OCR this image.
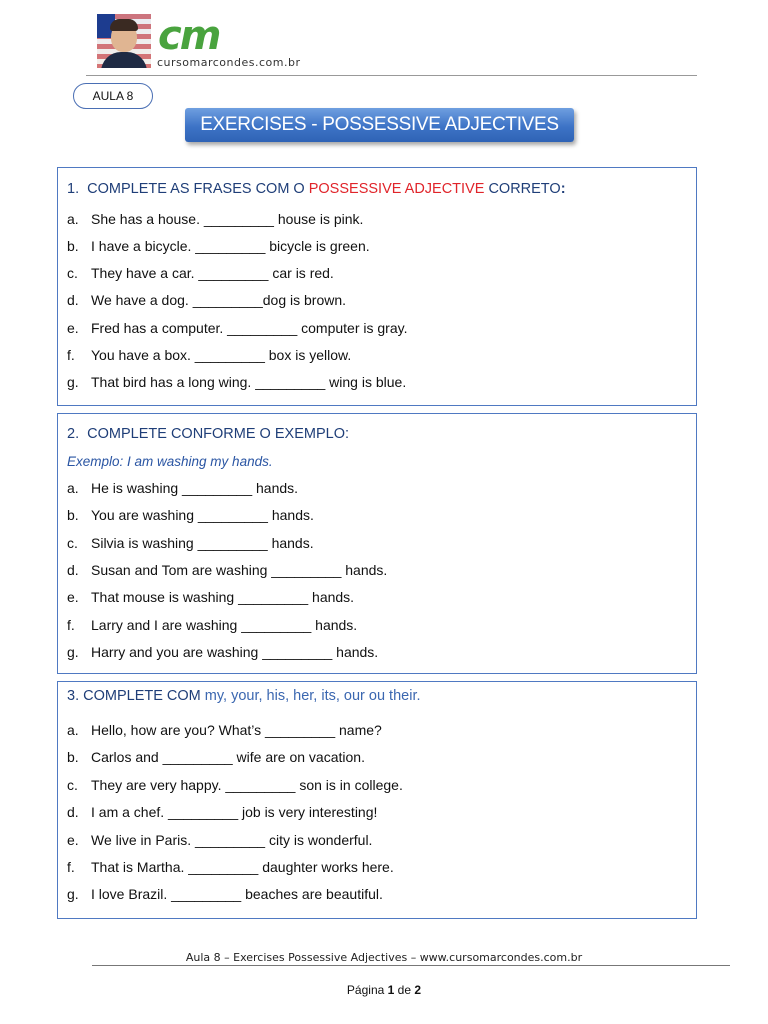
cm
cursomarcondes.com.br
AULA 8
EXERCISES - POSSESSIVE ADJECTIVES
1. COMPLETE AS FRASES COM O POSSESSIVE ADJECTIVE CORRETO:
a. She has a house. _________ house is pink.
b. I have a bicycle. _________ bicycle is green.
c. They have a car. _________ car is red.
d. We have a dog. _________dog is brown.
e. Fred has a computer. _________ computer is gray.
f. You have a box. _________ box is yellow.
g. That bird has a long wing. _________ wing is blue.
2. COMPLETE CONFORME O EXEMPLO:
Exemplo: I am washing my hands.
a. He is washing _________ hands.
b. You are washing _________ hands.
c. Silvia is washing _________ hands.
d. Susan and Tom are washing _________ hands.
e. That mouse is washing _________ hands.
f. Larry and I are washing _________ hands.
g. Harry and you are washing _________ hands.
3. COMPLETE COM my, your, his, her, its, our ou their.
a. Hello, how are you? What’s _________ name?
b. Carlos and _________ wife are on vacation.
c. They are very happy. _________ son is in college.
d. I am a chef. _________ job is very interesting!
e. We live in Paris. _________ city is wonderful.
f. That is Martha. _________ daughter works here.
g. I love Brazil. _________ beaches are beautiful.
Aula 8 – Exercises Possessive Adjectives – www.cursomarcondes.com.br
Página 1 de 2
